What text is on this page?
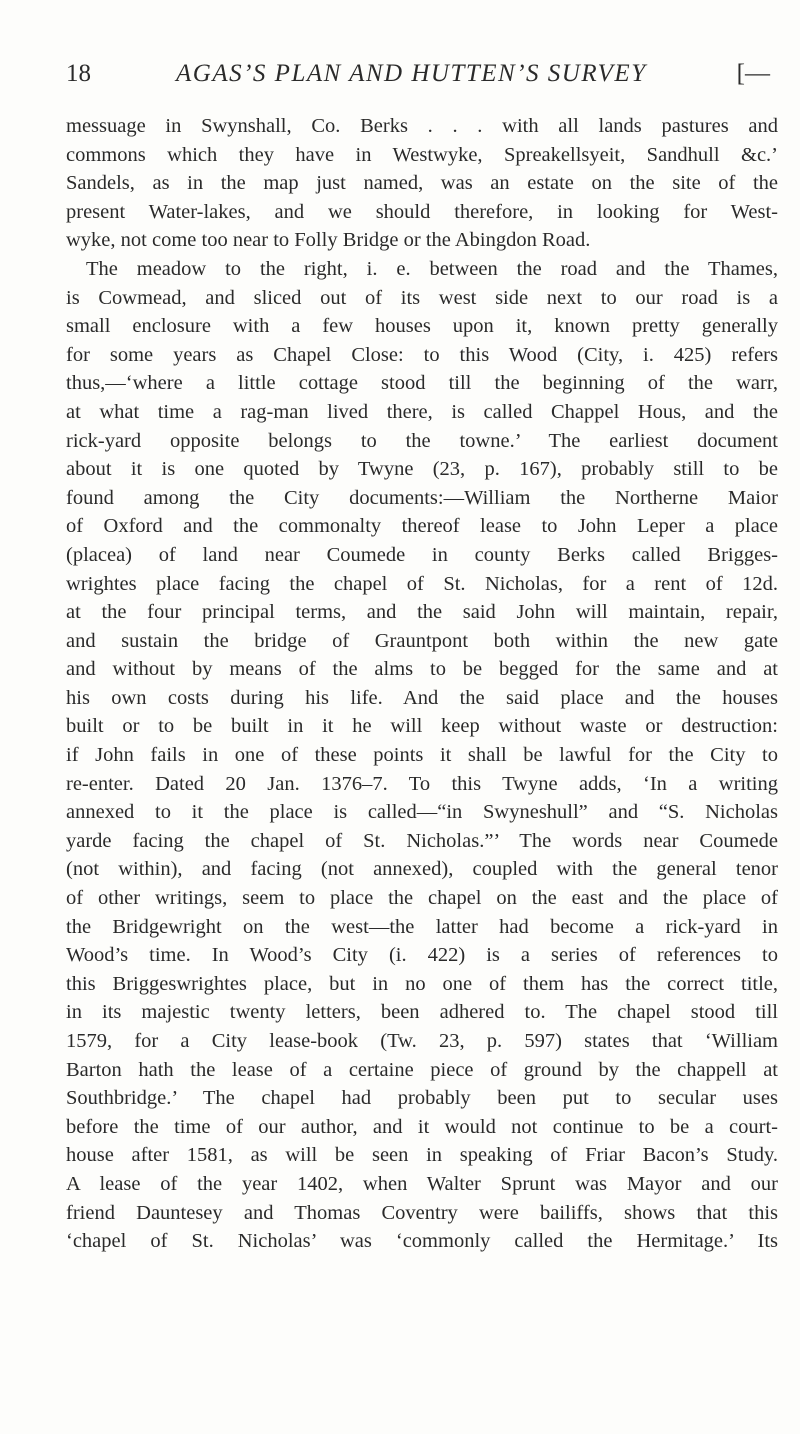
18	AGAS’S PLAN AND HUTTEN’S SURVEY	[—
messuage in Swynshall, Co. Berks . . . with all lands pastures and
commons which they have in Westwyke, Spreakellsyeit, Sandhull &c.’
Sandels, as in the map just named, was an estate on the site of the
present Water-lakes, and we should therefore, in looking for West-
wyke, not come too near to Folly Bridge or the Abingdon Road.
The meadow to the right, i. e. between the road and the Thames,
is Cowmead, and sliced out of its west side next to our road is a
small enclosure with a few houses upon it, known pretty generally
for some years as Chapel Close: to this Wood (City, i. 425) refers
thus,—‘where a little cottage stood till the beginning of the warr,
at what time a rag-man lived there, is called Chappel Hous, and the
rick-yard opposite belongs to the towne.’ The earliest document
about it is one quoted by Twyne (23, p. 167), probably still to be
found among the City documents:—William the Northerne Maior
of Oxford and the commonalty thereof lease to John Leper a place
(placea) of land near Coumede in county Berks called Brigges-
wrightes place facing the chapel of St. Nicholas, for a rent of 12d.
at the four principal terms, and the said John will maintain, repair,
and sustain the bridge of Grauntpont both within the new gate
and without by means of the alms to be begged for the same and at
his own costs during his life. And the said place and the houses
built or to be built in it he will keep without waste or destruction:
if John fails in one of these points it shall be lawful for the City to
re-enter. Dated 20 Jan. 1376–7. To this Twyne adds, ‘In a writing
annexed to it the place is called—“in Swyneshull” and “S. Nicholas
yarde facing the chapel of St. Nicholas.”’ The words near Coumede
(not within), and facing (not annexed), coupled with the general tenor
of other writings, seem to place the chapel on the east and the place of
the Bridgewright on the west—the latter had become a rick-yard in
Wood’s time. In Wood’s City (i. 422) is a series of references to
this Briggeswrightes place, but in no one of them has the correct title,
in its majestic twenty letters, been adhered to. The chapel stood till
1579, for a City lease-book (Tw. 23, p. 597) states that ‘William
Barton hath the lease of a certaine piece of ground by the chappell at
Southbridge.’ The chapel had probably been put to secular uses
before the time of our author, and it would not continue to be a court-
house after 1581, as will be seen in speaking of Friar Bacon’s Study.
A lease of the year 1402, when Walter Sprunt was Mayor and our
friend Dauntesey and Thomas Coventry were bailiffs, shows that this
‘chapel of St. Nicholas’ was ‘commonly called the Hermitage.’ Its
